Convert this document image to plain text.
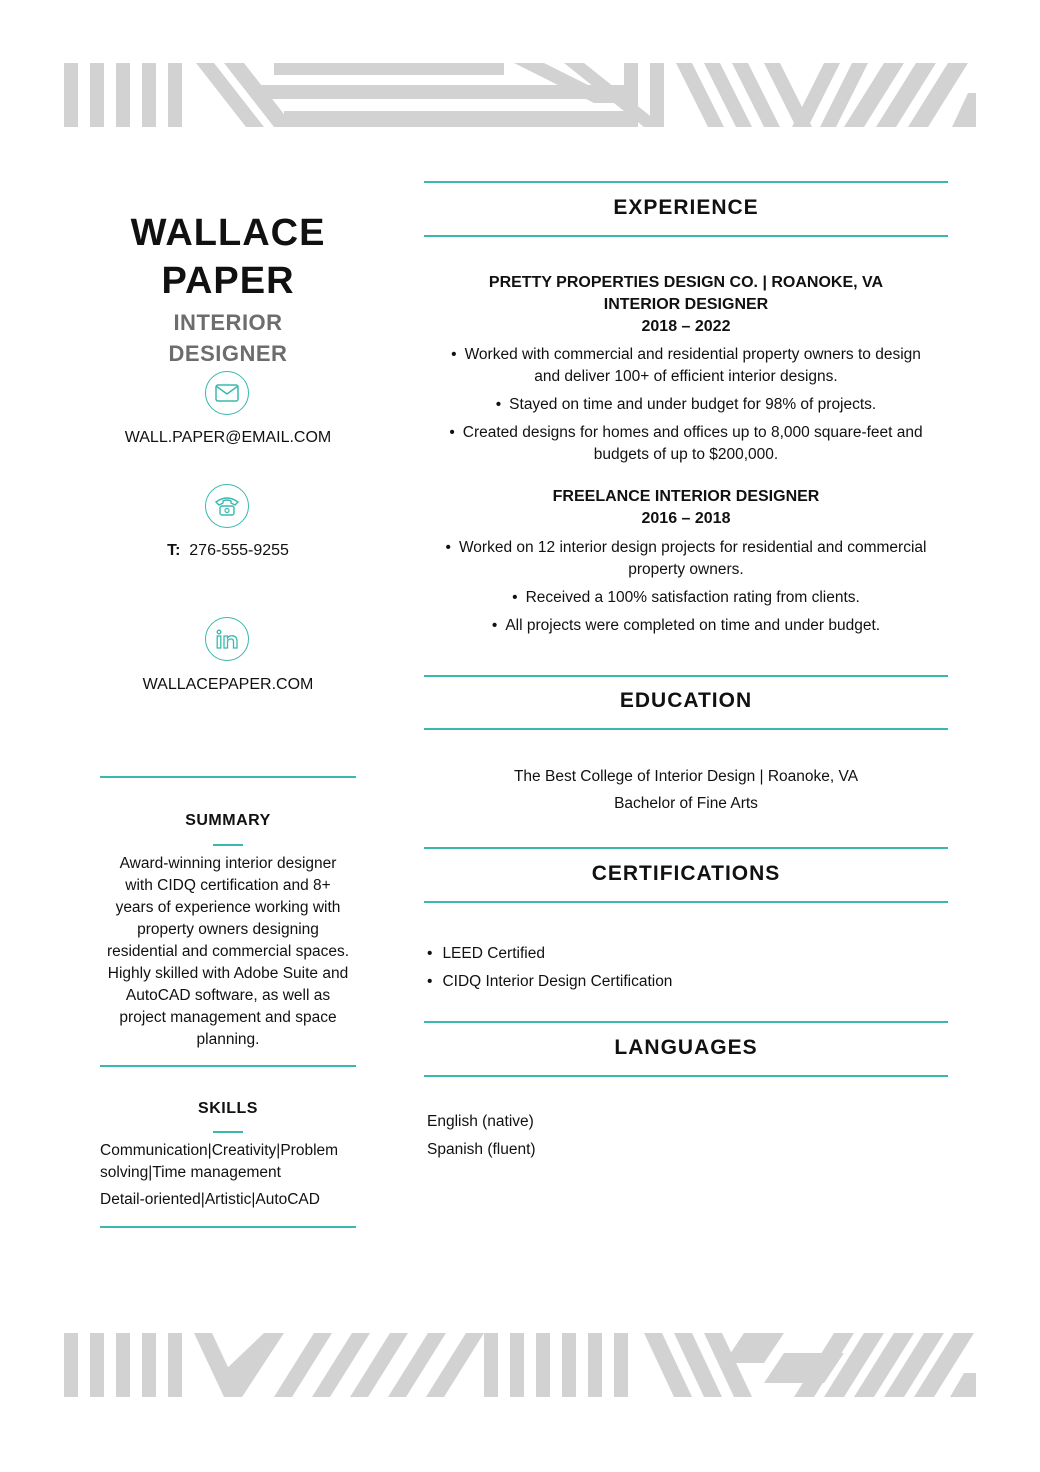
WALLACE
PAPER
INTERIOR
DESIGNER
WALL.PAPER@EMAIL.COM
T: 276-555-9255
WALLACEPAPER.COM
SUMMARY
Award-winning interior designer
with CIDQ certification and 8+
years of experience working with
property owners designing
residential and commercial spaces.
Highly skilled with Adobe Suite and
AutoCAD software, as well as
project management and space
planning.
SKILLS
Communication|Creativity|Problem
solving|Time management
Detail-oriented|Artistic|AutoCAD
EXPERIENCE
PRETTY PROPERTIES DESIGN CO. | ROANOKE, VA
INTERIOR DESIGNER
2018 – 2022
• Worked with commercial and residential property owners to design
and deliver 100+ of efficient interior designs.
• Stayed on time and under budget for 98% of projects.
• Created designs for homes and offices up to 8,000 square-feet and
budgets of up to $200,000.
FREELANCE INTERIOR DESIGNER
2016 – 2018
• Worked on 12 interior design projects for residential and commercial
property owners.
• Received a 100% satisfaction rating from clients.
• All projects were completed on time and under budget.
EDUCATION
The Best College of Interior Design | Roanoke, VA
Bachelor of Fine Arts
CERTIFICATIONS
• LEED Certified
• CIDQ Interior Design Certification
LANGUAGES
English (native)
Spanish (fluent)
